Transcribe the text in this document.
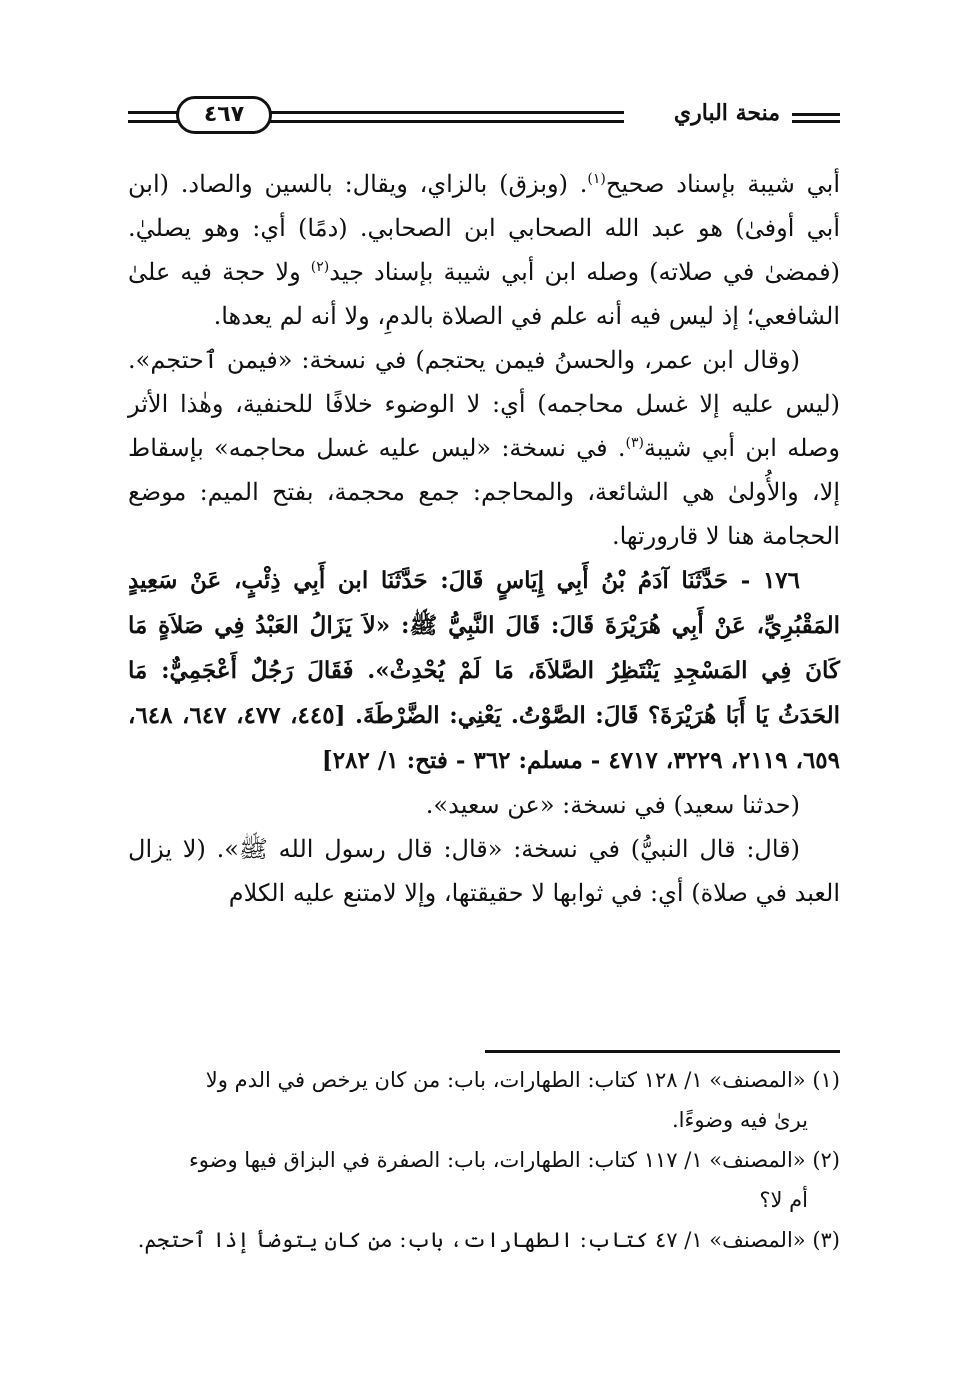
منحة الباري
٤٦٧

أبي شيبة بإسناد صحيح$^{(١)}$. (وبزق) بالزاي، ويقال: بالسين والصاد. (ابن أبي أوفىٰ) هو عبد الله الصحابي ابن الصحابي. (دمًا) أي: وهو يصليٰ. (فمضىٰ في صلاته) وصله ابن أبي شيبة بإسناد جيد$^{(٢)}$ ولا حجة فيه علىٰ الشافعي؛ إذ ليس فيه أنه علم في الصلاة بالدمِ، ولا أنه لم يعدها.

(وقال ابن عمر، والحسنُ فيمن يحتجم) في نسخة: «فيمن ٱحتجم». (ليس عليه إلا غسل محاجمه) أي: لا الوضوء خلافًا للحنفية، وهٰذا الأثر وصله ابن أبي شيبة$^{(٣)}$. في نسخة: «ليس عليه غسل محاجمه» بإسقاط إلا، والأُولىٰ هي الشائعة، والمحاجم: جمع محجمة، بفتح الميم: موضع الحجامة هنا لا قارورتها.

١٧٦ - حَدَّثَنَا آدَمُ بْنُ أَبِي إِيَاسٍ قَالَ: حَدَّثَنَا ابن أَبِي ذِئْبٍ، عَنْ سَعِيدٍ المَقْبُرِيِّ، عَنْ أَبِي هُرَيْرَةَ قَالَ: قَالَ النَّبِيُّ ﷺ: «لاَ يَزَالُ العَبْدُ فِي صَلاَةٍ مَا كَانَ فِي المَسْجِدِ يَنْتَظِرُ الصَّلاَةَ، مَا لَمْ يُحْدِثْ». فَقَالَ رَجُلٌ أَعْجَمِيٌّ: مَا الحَدَثُ يَا أَبَا هُرَيْرَةَ؟ قَالَ: الصَّوْتُ. يَعْنِي: الضَّرْطَةَ. [٤٤٥، ٤٧٧، ٦٤٧، ٦٤٨، ٦٥٩، ٢١١٩، ٣٢٢٩، ٤٧١٧ - مسلم: ٣٦٢ - فتح: ١/ ٢٨٢]

(حدثنا سعيد) في نسخة: «عن سعيد».

(قال: قال النبيُّ) في نسخة: «قال: قال رسول الله ﷺ». (لا يزال العبد في صلاة) أي: في ثوابها لا حقيقتها، وإلا لامتنع عليه الكلام

(١) «المصنف» ١/ ١٢٨ كتاب: الطهارات، باب: من كان يرخص في الدم ولا

يرىٰ فيه وضوءًا.

(٢) «المصنف» ١/ ١١٧ كتاب: الطهارات، باب: الصفرة في البزاق فيها وضوء

أم لا؟

(٣) «المصنف» ١/ ٤٧ كتاب: الطهارات، باب: من كان يتوضأ إذا ٱحتجم.
